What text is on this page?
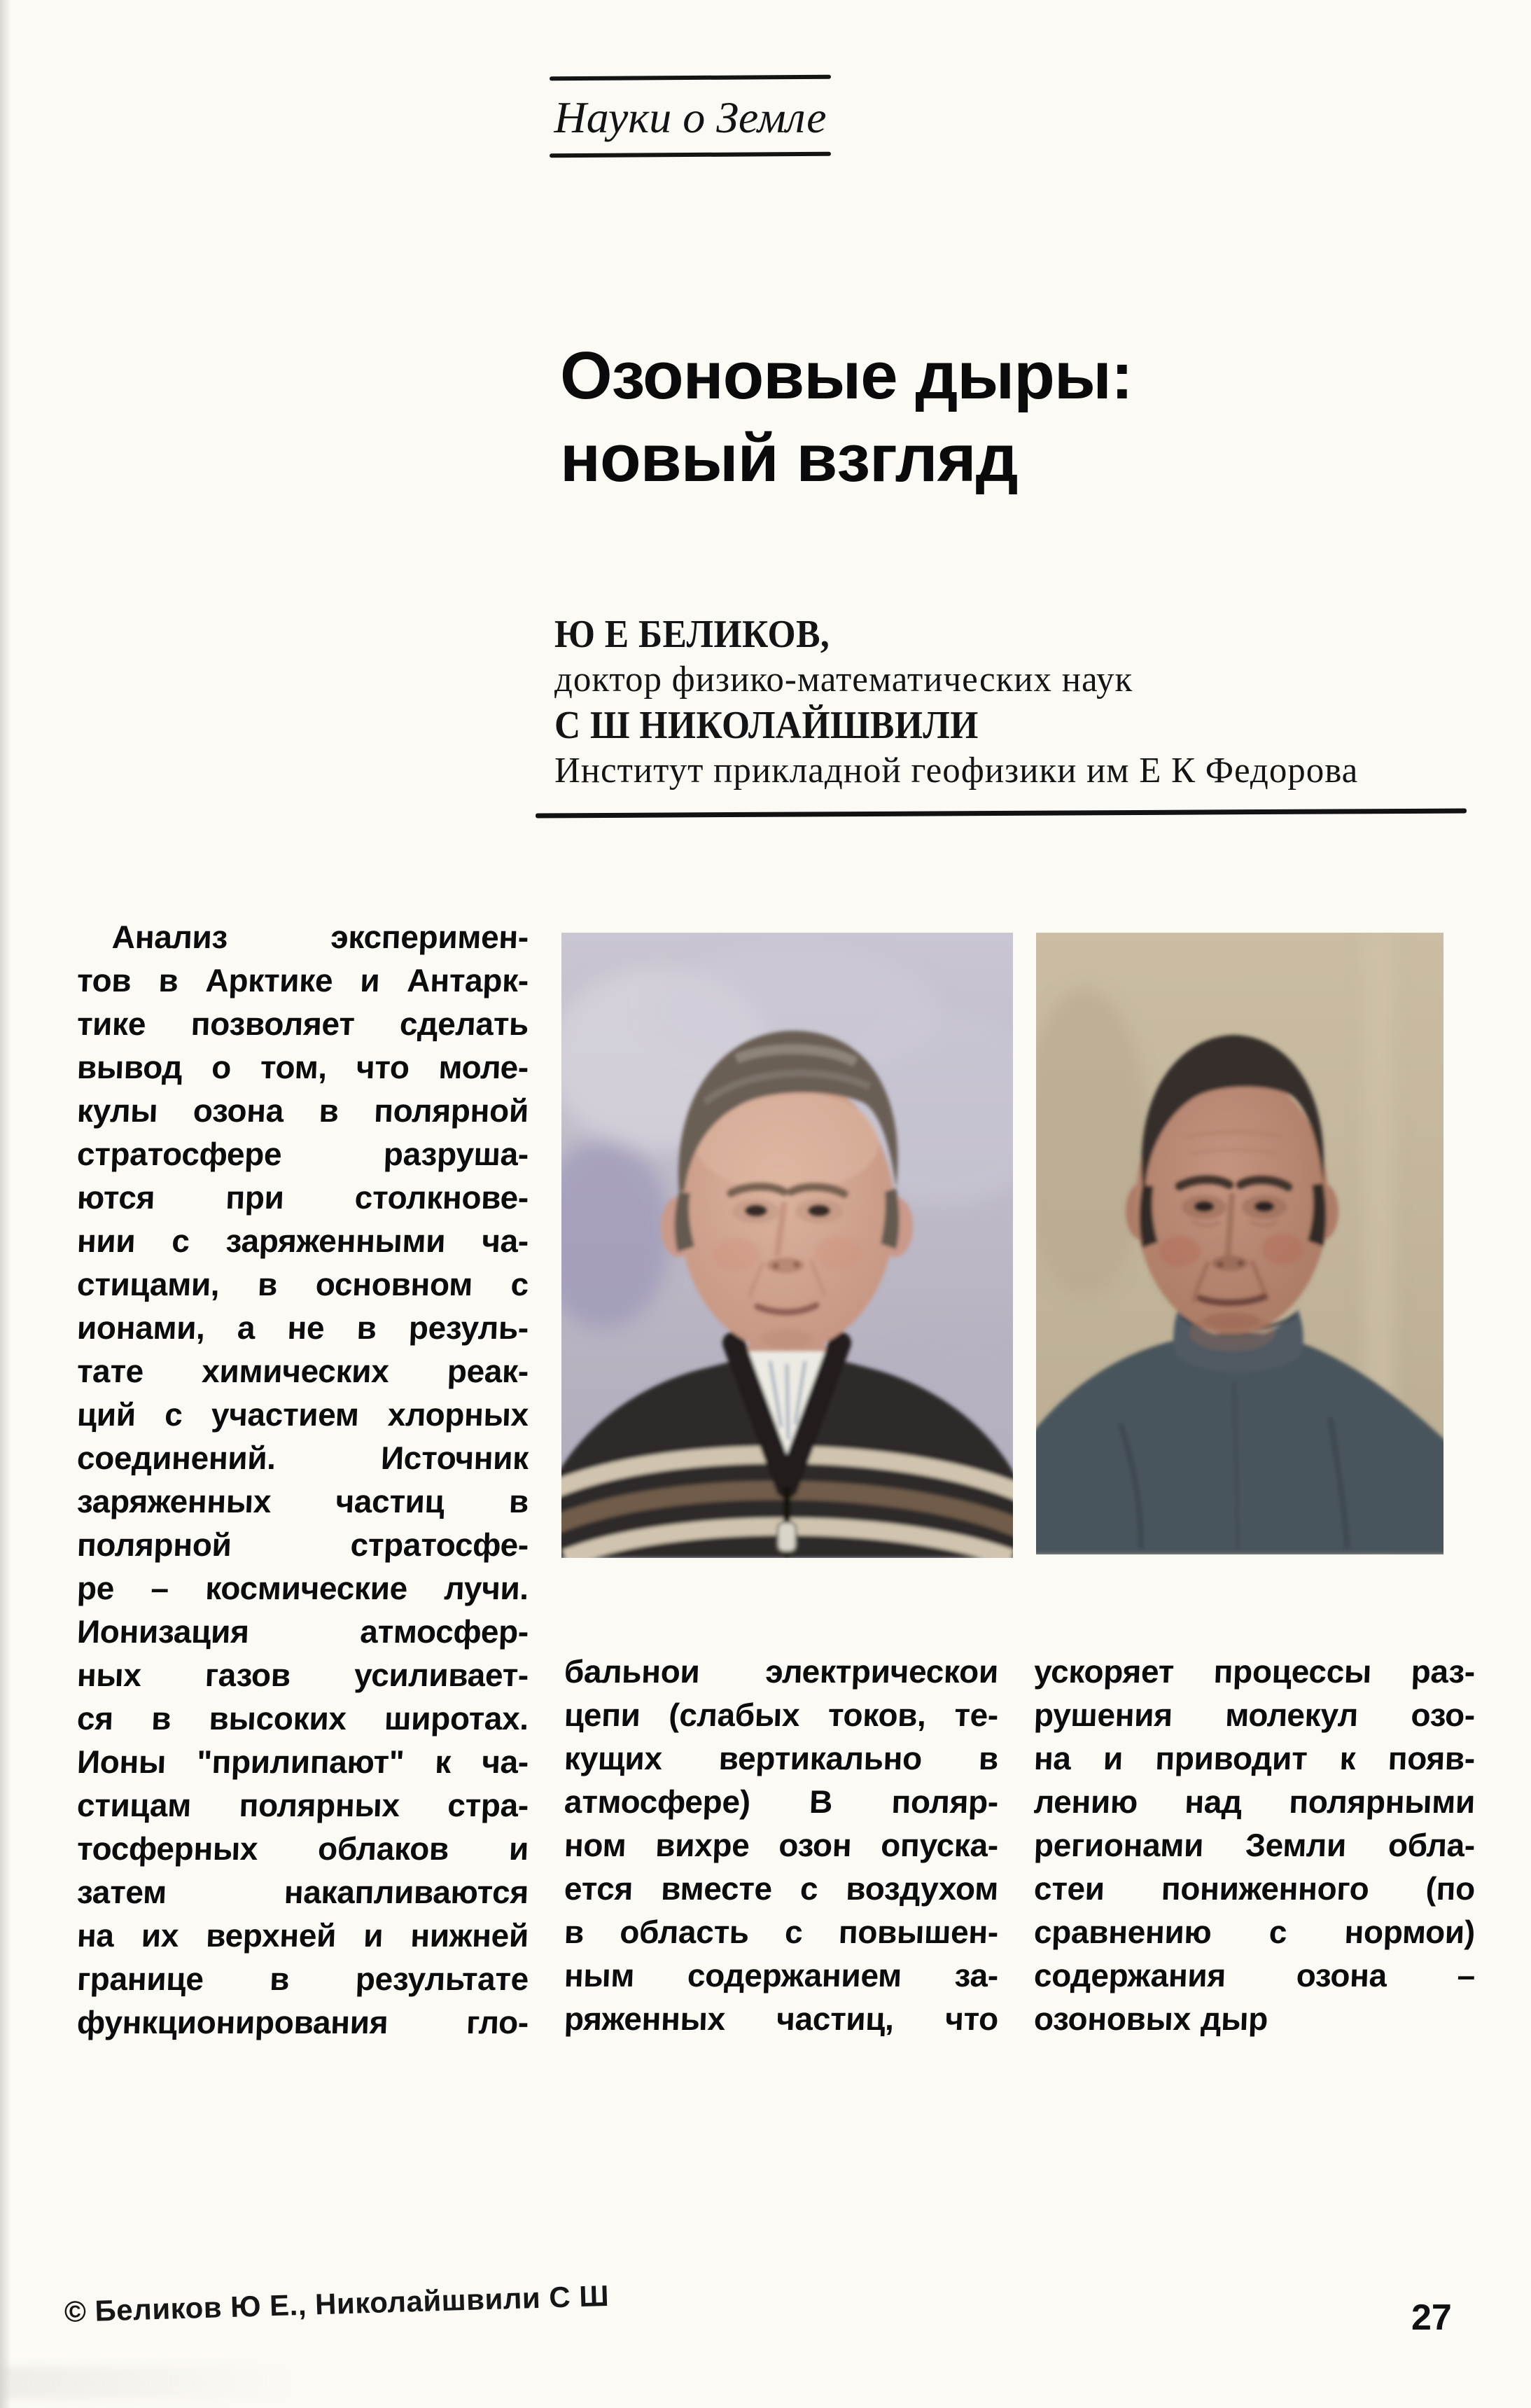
Науки о Земле
Озоновые дыры:
новый взгляд
Ю Е БЕЛИКОВ,
доктор физико-математических наук
С Ш НИКОЛАЙШВИЛИ
Институт прикладной геофизики им Е К Федорова
Анализ эксперимен-
тов в Арктике и Антарк-
тике позволяет сделать
вывод о том, что моле-
кулы озона в полярной
стратосфере разруша-
ются при столкнове-
нии с заряженными ча-
стицами, в основном с
ионами, а не в резуль-
тате химических реак-
ций с участием хлорных
соединений. Источник
заряженных частиц в
полярной стратосфе-
ре – космические лучи.
Ионизация атмосфер-
ных газов усиливает-
ся в высоких широтах.
Ионы "прилипают" к ча-
стицам полярных стра-
тосферных облаков и
затем накапливаются
на их верхней и нижней
границе в результате
функционирования гло-
бальнои электрическои
цепи (слабых токов, те-
кущих вертикально в
атмосфере) В поляр-
ном вихре озон опуска-
ется вместе с воздухом
в область с повышен-
ным содержанием за-
ряженных частиц, что
ускоряет процессы раз-
рушения молекул озо-
на и приводит к появ-
лению над полярными
регионами Земли обла-
стеи пониженного (по
сравнению с нормои)
содержания озона –
озоновых дыр
© Беликов Ю Е., Николайшвили С Ш	27
